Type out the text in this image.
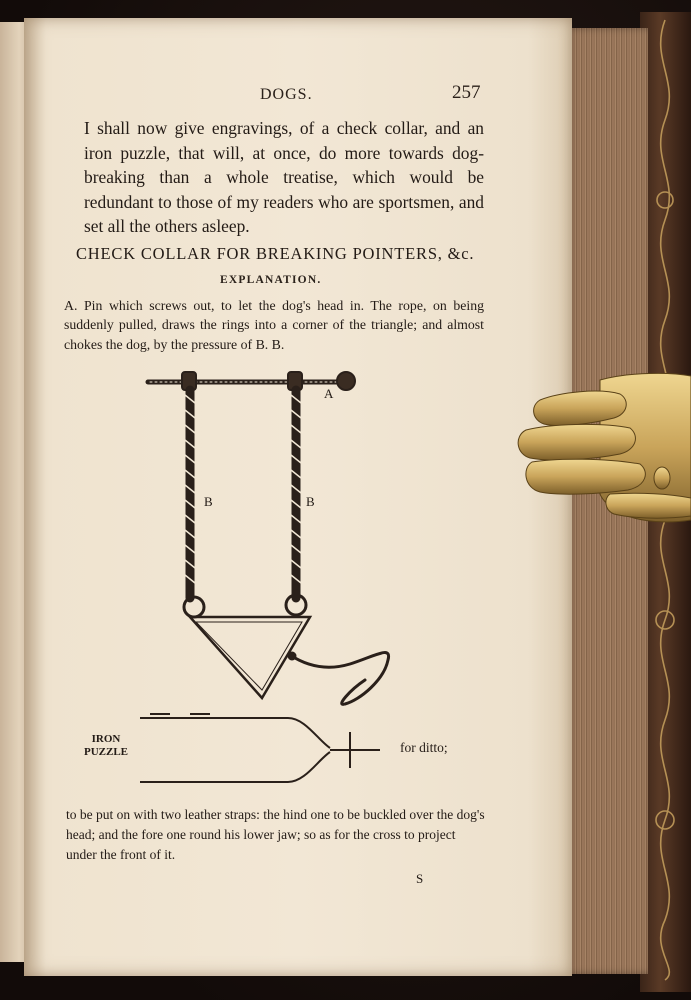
DOGS.	257
I shall now give engravings, of a check collar, and an iron puzzle, that will, at once, do more towards dog-breaking than a whole treatise, which would be redundant to those of my readers who are sportsmen, and set all the others asleep.
CHECK COLLAR FOR BREAKING POINTERS, &c.
EXPLANATION.
A. Pin which screws out, to let the dog's head in. The rope, on being suddenly pulled, draws the rings into a corner of the triangle; and almost chokes the dog, by the pressure of B. B.
A
B	B
IRON PUZZLE	for ditto;
to be put on with two leather straps: the hind one to be buckled over the dog's head; and the fore one round his lower jaw; so as for the cross to project under the front of it.
S
